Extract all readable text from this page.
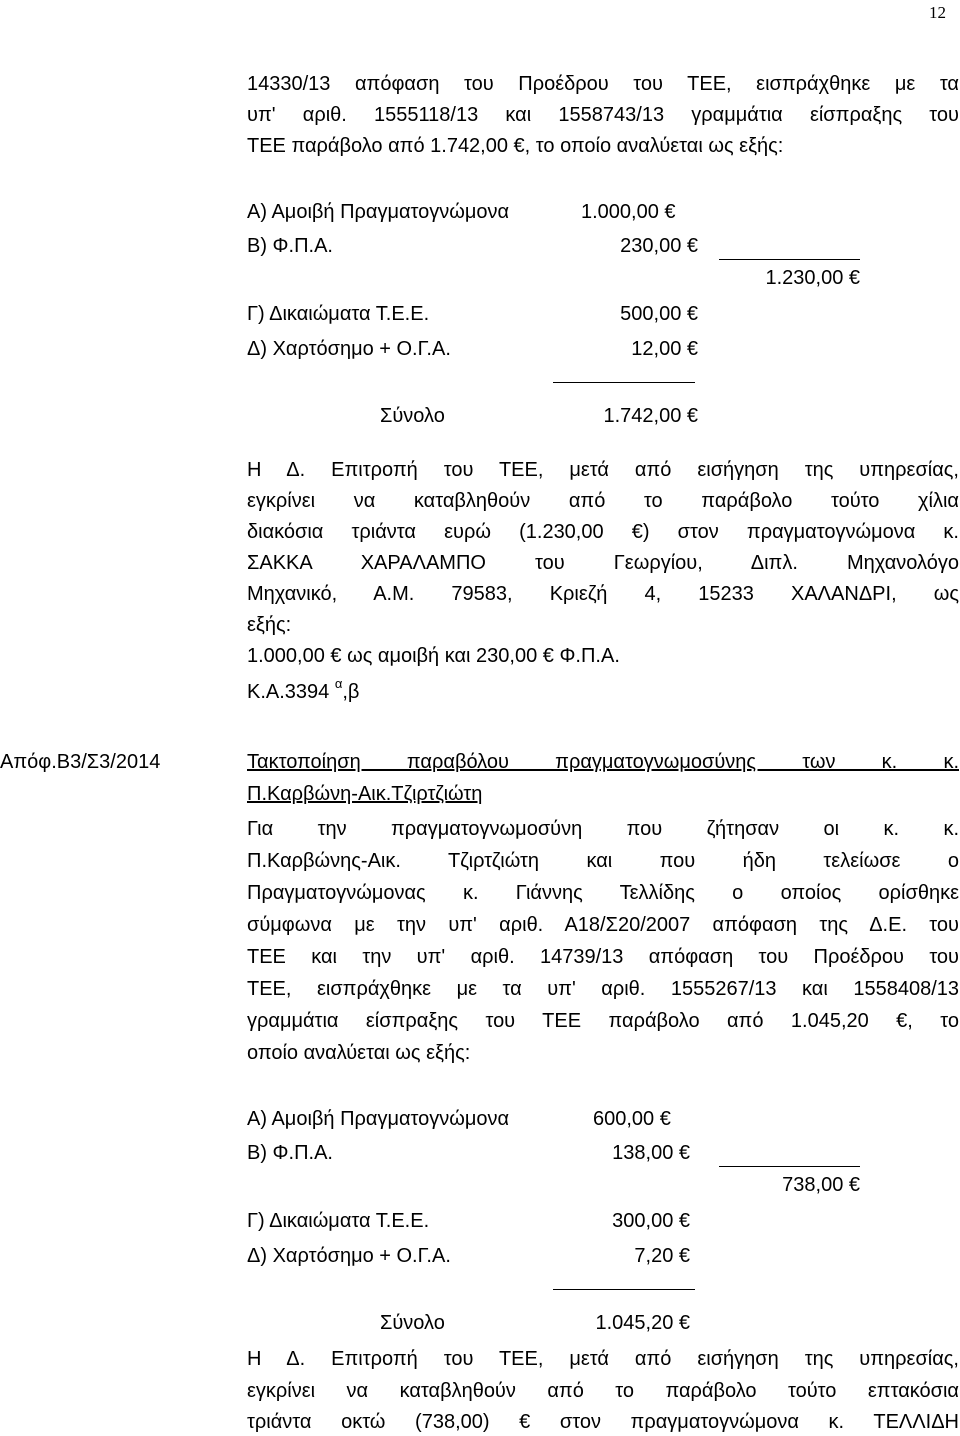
12
14330/13 απόφαση του Προέδρου του ΤΕΕ, εισπράχθηκε με τα
υπ' αριθ. 1555118/13 και 1558743/13 γραμμάτια είσπραξης του
ΤΕΕ παράβολο από 1.742,00 €, το οποίο αναλύεται ως εξής:
Α) Αμοιβή Πραγματογνώμονα	1.000,00 €
Β) Φ.Π.Α.	230,00 €
1.230,00 €
Γ) Δικαιώματα Τ.Ε.Ε.	500,00 €
Δ) Χαρτόσημο + Ο.Γ.Α.	12,00 €
Σύνολο	1.742,00 €
Η Δ. Επιτροπή του ΤΕΕ, μετά από εισήγηση της υπηρεσίας,
εγκρίνει να καταβληθούν από το παράβολο τούτο χίλια
διακόσια τριάντα ευρώ (1.230,00 €) στον πραγματογνώμονα κ.
ΣΑΚΚΑ ΧΑΡΑΛΑΜΠΟ του Γεωργίου, Διπλ. Μηχανολόγο
Μηχανικό, Α.Μ. 79583, Κριεζή 4, 15233 ΧΑΛΑΝΔΡΙ, ως
εξής:
1.000,00 € ως αμοιβή και 230,00 € Φ.Π.Α.
Κ.Α.3394 $^\alpha$,β
Απόφ.Β3/Σ3/2014	Τακτοποίηση παραβόλου πραγματογνωμοσύνης των κ. κ.
Π.Καρβώνη-Αικ.Τζιρτζιώτη
Για την πραγματογνωμοσύνη που ζήτησαν οι κ. κ.
Π.Καρβώνης-Αικ. Τζιρτζιώτη και που ήδη τελείωσε ο
Πραγματογνώμονας κ. Γιάννης Τελλίδης ο οποίος ορίσθηκε
σύμφωνα με την υπ' αριθ. Α18/Σ20/2007 απόφαση της Δ.Ε. του
ΤΕΕ και την υπ' αριθ. 14739/13 απόφαση του Προέδρου του
ΤΕΕ, εισπράχθηκε με τα υπ' αριθ. 1555267/13 και 1558408/13
γραμμάτια είσπραξης του ΤΕΕ παράβολο από 1.045,20 €, το
οποίο αναλύεται ως εξής:
Α) Αμοιβή Πραγματογνώμονα	600,00 €
Β) Φ.Π.Α.	138,00 €
738,00 €
Γ) Δικαιώματα Τ.Ε.Ε.	300,00 €
Δ) Χαρτόσημο + Ο.Γ.Α.	7,20 €
Σύνολο	1.045,20 €
Η Δ. Επιτροπή του ΤΕΕ, μετά από εισήγηση της υπηρεσίας,
εγκρίνει να καταβληθούν από το παράβολο τούτο επτακόσια
τριάντα οκτώ (738,00) € στον πραγματογνώμονα κ. ΤΕΛΛΙΔΗ
